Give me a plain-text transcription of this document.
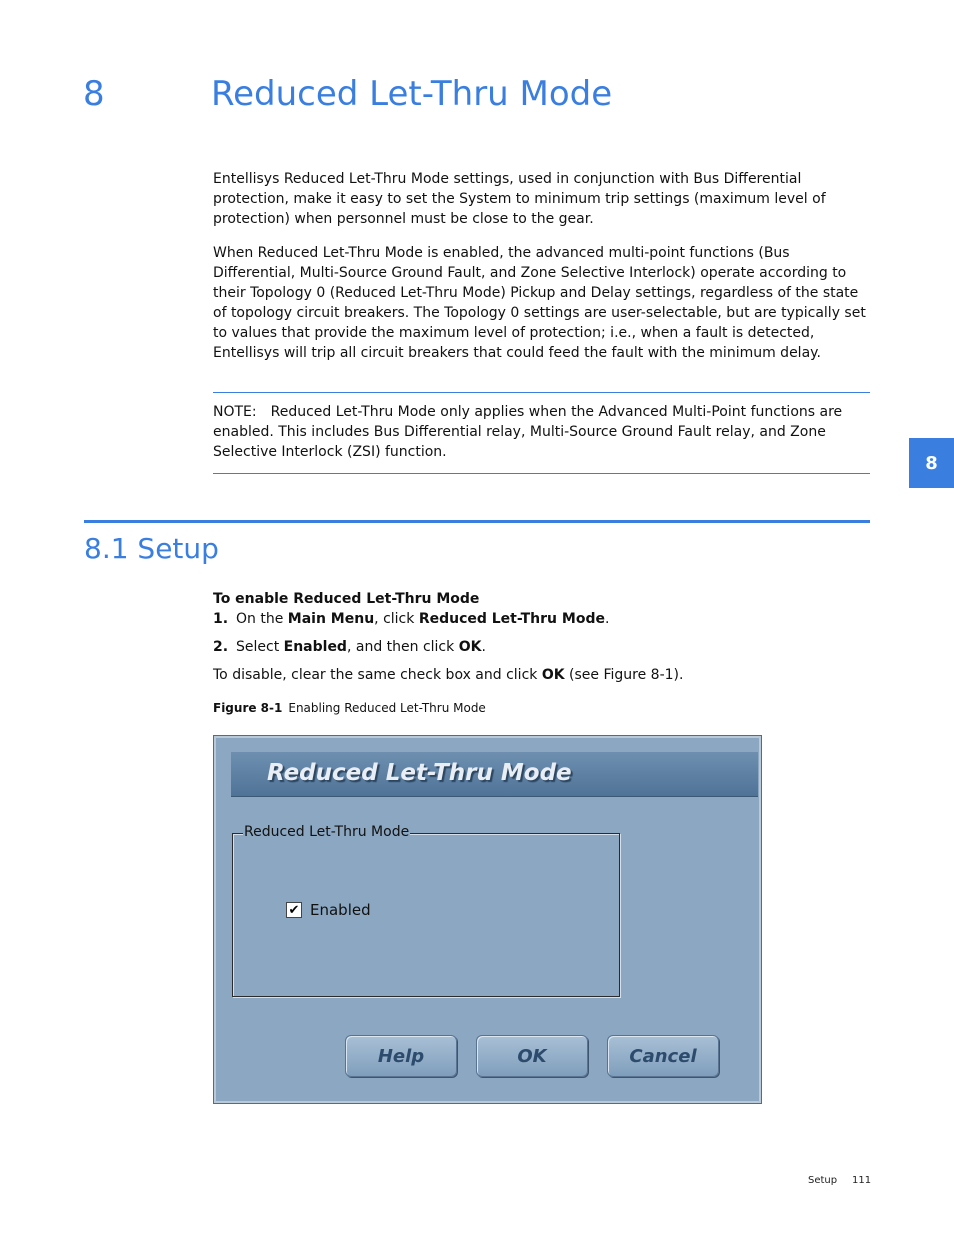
8	Reduced Let-Thru Mode

Entellisys Reduced Let-Thru Mode settings, used in conjunction with Bus Differential protection, make it easy to set the System to minimum trip settings (maximum level of protection) when personnel must be close to the gear.

When Reduced Let-Thru Mode is enabled, the advanced multi-point functions (Bus Differential, Multi-Source Ground Fault, and Zone Selective Interlock) operate according to their Topology 0 (Reduced Let-Thru Mode) Pickup and Delay settings, regardless of the state of topology circuit breakers. The Topology 0 settings are user-selectable, but are typically set to values that provide the maximum level of protection; i.e., when a fault is detected, Entellisys will trip all circuit breakers that could feed the fault with the minimum delay.

NOTE: Reduced Let-Thru Mode only applies when the Advanced Multi-Point functions are enabled. This includes Bus Differential relay, Multi-Source Ground Fault relay, and Zone Selective Interlock (ZSI) function.

8
8.1 Setup
To enable Reduced Let-Thru Mode
1. On the Main Menu, click Reduced Let-Thru Mode.
2. Select Enabled, and then click OK.
To disable, clear the same check box and click OK (see Figure 8-1).
Figure 8-1 Enabling Reduced Let-Thru Mode
Reduced Let-Thru Mode
Reduced Let-Thru Mode
✔ Enabled
Help	OK	Cancel
Setup 111
